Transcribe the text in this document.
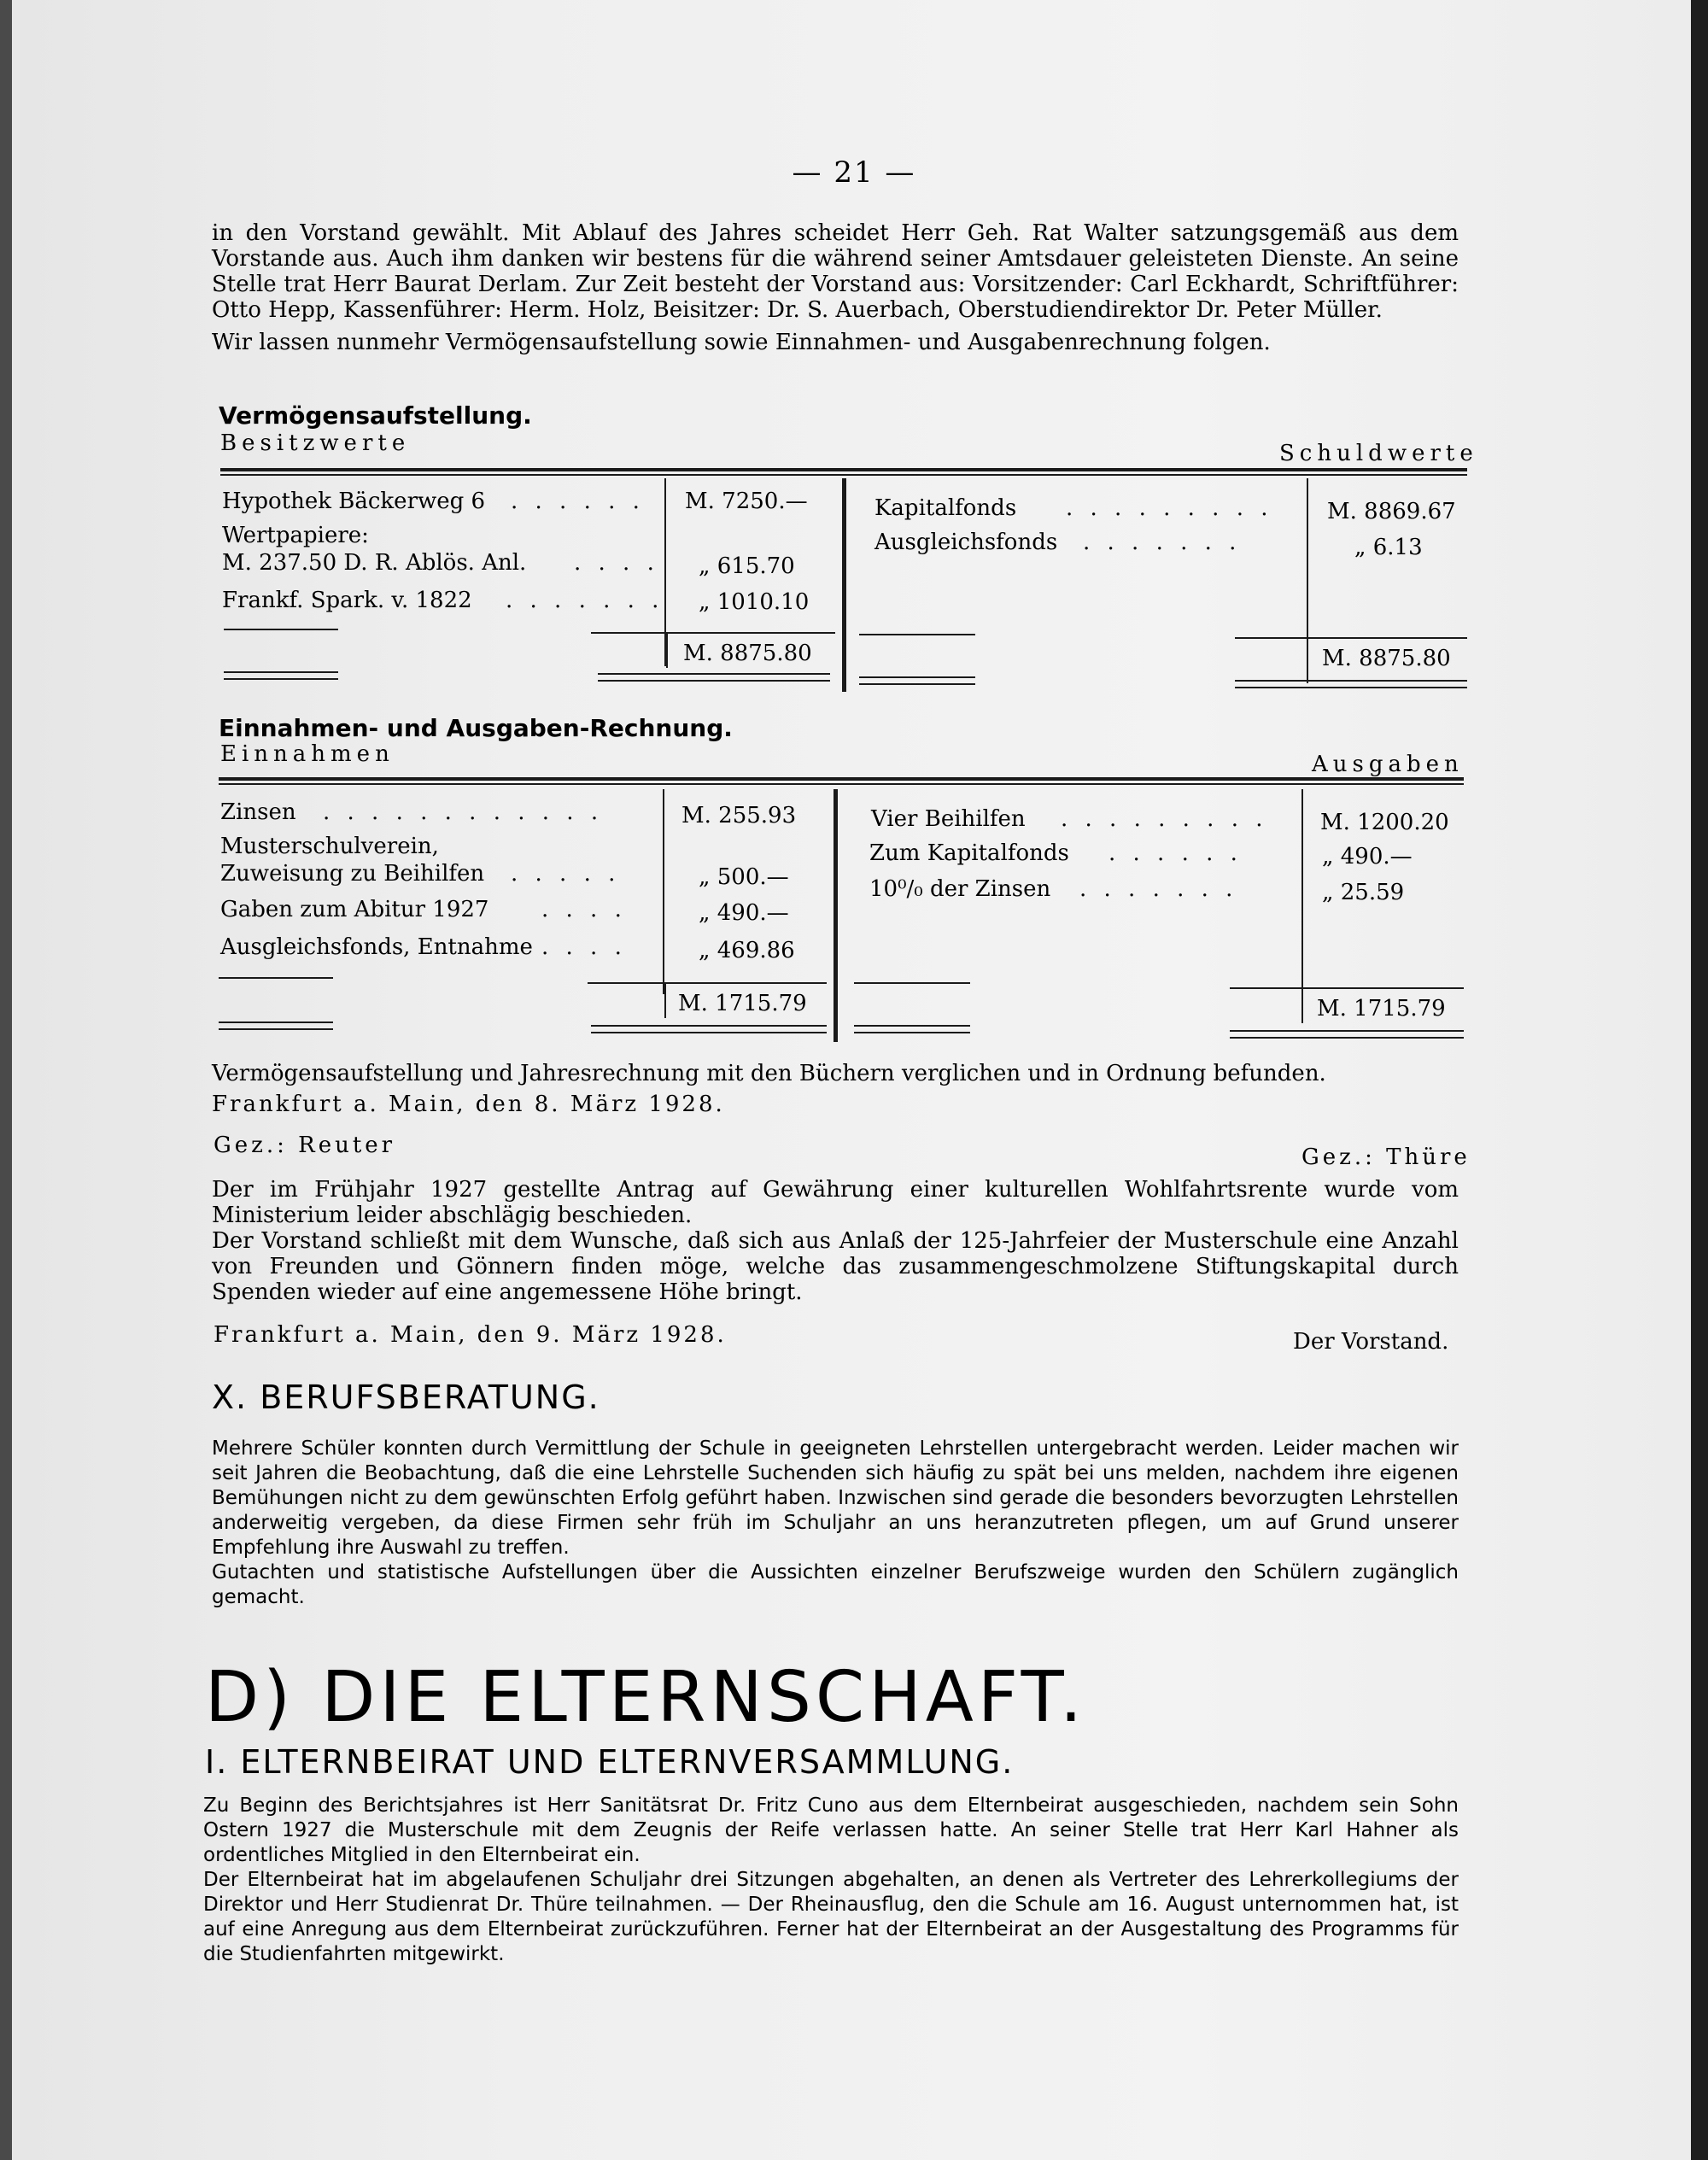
— 21 —

in den Vorstand gewählt. Mit Ablauf des Jahres scheidet Herr Geh. Rat Walter satzungsgemäß aus dem Vorstande aus. Auch ihm danken wir bestens für die während seiner Amtsdauer geleisteten Dienste. An seine Stelle trat Herr Baurat Derlam. Zur Zeit besteht der Vorstand aus: Vorsitzender: Carl Eckhardt, Schriftführer: Otto Hepp, Kassenführer: Herm. Holz, Beisitzer: Dr. S. Auerbach, Oberstudiendirektor Dr. Peter Müller.

Wir lassen nunmehr Vermögensaufstellung sowie Einnahmen- und Ausgabenrechnung folgen.

Vermögensaufstellung.
Besitzwerte	Schuldwerte
Hypothek Bäckerweg 6 . . . . . . M. 7250.—
Wertpapiere:
M. 237.50 D. R. Ablös. Anl. . . . . „ 615.70
Frankf. Spark. v. 1822 . . . . . . . „ 1010.10
M. 8875.80
Kapitalfonds . . . . . . . . . M. 8869.67
Ausgleichsfonds . . . . . . .	„ 6.13
M. 8875.80
Einnahmen- und Ausgaben-Rechnung.
Einnahmen	Ausgaben
Zinsen . . . . . . . . . . . .	M. 255.93
Musterschulverein,
Zuweisung zu Beihilfen . . . . .	„ 500.—
Gaben zum Abitur 1927 . . . .	„ 490.—
Ausgleichsfonds, Entnahme . . . .	„ 469.86
M. 1715.79
Vier Beihilfen . . . . . . . . . M. 1200.20
Zum Kapitalfonds . . . . . .	„ 490.—
10⁰/₀ der Zinsen . . . . . . .	„ 25.59
M. 1715.79

Vermögensaufstellung und Jahresrechnung mit den Büchern verglichen und in Ordnung befunden.

Frankfurt a. Main, den 8. März 1928.

Gez.: Reuter	Gez.: Thüre

Der im Frühjahr 1927 gestellte Antrag auf Gewährung einer kulturellen Wohlfahrtsrente wurde vom Ministerium leider abschlägig beschieden.

Der Vorstand schließt mit dem Wunsche, daß sich aus Anlaß der 125-Jahrfeier der Musterschule eine Anzahl von Freunden und Gönnern finden möge, welche das zusammengeschmolzene Stiftungskapital durch Spenden wieder auf eine angemessene Höhe bringt.

Frankfurt a. Main, den 9. März 1928.	Der Vorstand.
X. BERUFSBERATUNG.

Mehrere Schüler konnten durch Vermittlung der Schule in geeigneten Lehrstellen untergebracht werden. Leider machen wir seit Jahren die Beobachtung, daß die eine Lehrstelle Suchenden sich häufig zu spät bei uns melden, nachdem ihre eigenen Bemühungen nicht zu dem gewünschten Erfolg geführt haben. Inzwischen sind gerade die besonders bevorzugten Lehrstellen anderweitig vergeben, da diese Firmen sehr früh im Schuljahr an uns heranzutreten pflegen, um auf Grund unserer Empfehlung ihre Auswahl zu treffen.

Gutachten und statistische Aufstellungen über die Aussichten einzelner Berufszweige wurden den Schülern zugänglich gemacht.

D) DIE ELTERNSCHAFT.
I. ELTERNBEIRAT UND ELTERNVERSAMMLUNG.

Zu Beginn des Berichtsjahres ist Herr Sanitätsrat Dr. Fritz Cuno aus dem Elternbeirat ausgeschieden, nachdem sein Sohn Ostern 1927 die Musterschule mit dem Zeugnis der Reife verlassen hatte. An seiner Stelle trat Herr Karl Hahner als ordentliches Mitglied in den Elternbeirat ein.

Der Elternbeirat hat im abgelaufenen Schuljahr drei Sitzungen abgehalten, an denen als Vertreter des Lehrerkollegiums der Direktor und Herr Studienrat Dr. Thüre teilnahmen. — Der Rheinausflug, den die Schule am 16. August unternommen hat, ist auf eine Anregung aus dem Elternbeirat zurückzuführen. Ferner hat der Elternbeirat an der Ausgestaltung des Programms für die Studienfahrten mitgewirkt.
